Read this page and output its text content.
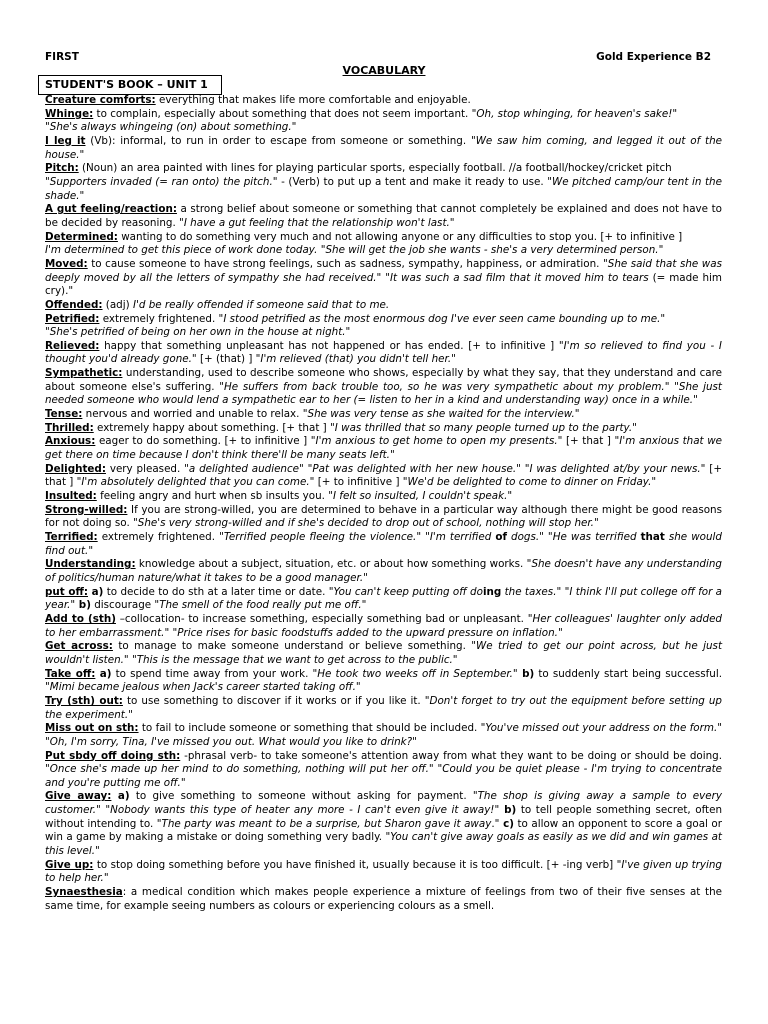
FIRST	Gold Experience B2
VOCABULARY
STUDENT'S BOOK – UNIT 1

Creature comforts: everything that makes life more comfortable and enjoyable.

Whinge: to complain, especially about something that does not seem important. "Oh, stop whinging, for heaven's sake!"
"She's always whingeing (on) about something."

I leg it (Vb): informal, to run in order to escape from someone or something. "We saw him coming, and legged it out of the house."

Pitch: (Noun) an area painted with lines for playing particular sports, especially football. //a football/hockey/cricket pitch
"Supporters invaded (= ran onto) the pitch." - (Verb) to put up a tent and make it ready to use. "We pitched camp/our tent in the shade."

A gut feeling/reaction: a strong belief about someone or something that cannot completely be explained and does not have to be decided by reasoning. "I have a gut feeling that the relationship won't last."

Determined: wanting to do something very much and not allowing anyone or any difficulties to stop you. [+ to infinitive ]
I'm determined to get this piece of work done today. "She will get the job she wants - she's a very determined person."

Moved: to cause someone to have strong feelings, such as sadness, sympathy, happiness, or admiration. "She said that she was deeply moved by all the letters of sympathy she had received." "It was such a sad film that it moved him to tears (= made him cry)."

Offended: (adj) I'd be really offended if someone said that to me.

Petrified: extremely frightened. "I stood petrified as the most enormous dog I've ever seen came bounding up to me."
"She's petrified of being on her own in the house at night."

Relieved: happy that something unpleasant has not happened or has ended. [+ to infinitive ] "I'm so relieved to find you - I thought you'd already gone." [+ (that) ] "I'm relieved (that) you didn't tell her."

Sympathetic: understanding, used to describe someone who shows, especially by what they say, that they understand and care about someone else's suffering. "He suffers from back trouble too, so he was very sympathetic about my problem." "She just needed someone who would lend a sympathetic ear to her (= listen to her in a kind and understanding way) once in a while."

Tense: nervous and worried and unable to relax. "She was very tense as she waited for the interview."

Thrilled: extremely happy about something. [+ that ] "I was thrilled that so many people turned up to the party."

Anxious: eager to do something. [+ to infinitive ] "I'm anxious to get home to open my presents." [+ that ] "I'm anxious that we get there on time because I don't think there'll be many seats left."

Delighted: very pleased. "a delighted audience" "Pat was delighted with her new house." "I was delighted at/by your news." [+ that ] "I'm absolutely delighted that you can come." [+ to infinitive ] "We'd be delighted to come to dinner on Friday."

Insulted: feeling angry and hurt when sb insults you. "I felt so insulted, I couldn't speak."

Strong-willed: If you are strong-willed, you are determined to behave in a particular way although there might be good reasons for not doing so. "She's very strong-willed and if she's decided to drop out of school, nothing will stop her."

Terrified: extremely frightened. "Terrified people fleeing the violence." "I'm terrified of dogs." "He was terrified that she would find out."

Understanding: knowledge about a subject, situation, etc. or about how something works. "She doesn't have any understanding of politics/human nature/what it takes to be a good manager."

put off: a) to decide to do sth at a later time or date. "You can't keep putting off doing the taxes." "I think I'll put college off for a year." b) discourage "The smell of the food really put me off."

Add to (sth) –collocation- to increase something, especially something bad or unpleasant. "Her colleagues' laughter only added to her embarrassment." "Price rises for basic foodstuffs added to the upward pressure on inflation."

Get across: to manage to make someone understand or believe something. "We tried to get our point across, but he just wouldn't listen." "This is the message that we want to get across to the public."

Take off: a) to spend time away from your work. "He took two weeks off in September." b) to suddenly start being successful. "Mimi became jealous when Jack's career started taking off."

Try (sth) out: to use something to discover if it works or if you like it. "Don't forget to try out the equipment before setting up the experiment."

Miss out on sth: to fail to include someone or something that should be included. "You've missed out your address on the form." "Oh, I'm sorry, Tina, I've missed you out. What would you like to drink?"

Put sbdy off doing sth: -phrasal verb- to take someone's attention away from what they want to be doing or should be doing. "Once she's made up her mind to do something, nothing will put her off." "Could you be quiet please - I'm trying to concentrate and you're putting me off."

Give away: a) to give something to someone without asking for payment. "The shop is giving away a sample to every customer." "Nobody wants this type of heater any more - I can't even give it away!" b) to tell people something secret, often without intending to. "The party was meant to be a surprise, but Sharon gave it away." c) to allow an opponent to score a goal or win a game by making a mistake or doing something very badly. "You can't give away goals as easily as we did and win games at this level."

Give up: to stop doing something before you have finished it, usually because it is too difficult. [+ -ing verb] "I've given up trying to help her."

Synaesthesia: a medical condition which makes people experience a mixture of feelings from two of their five senses at the same time, for example seeing numbers as colours or experiencing colours as a smell.
